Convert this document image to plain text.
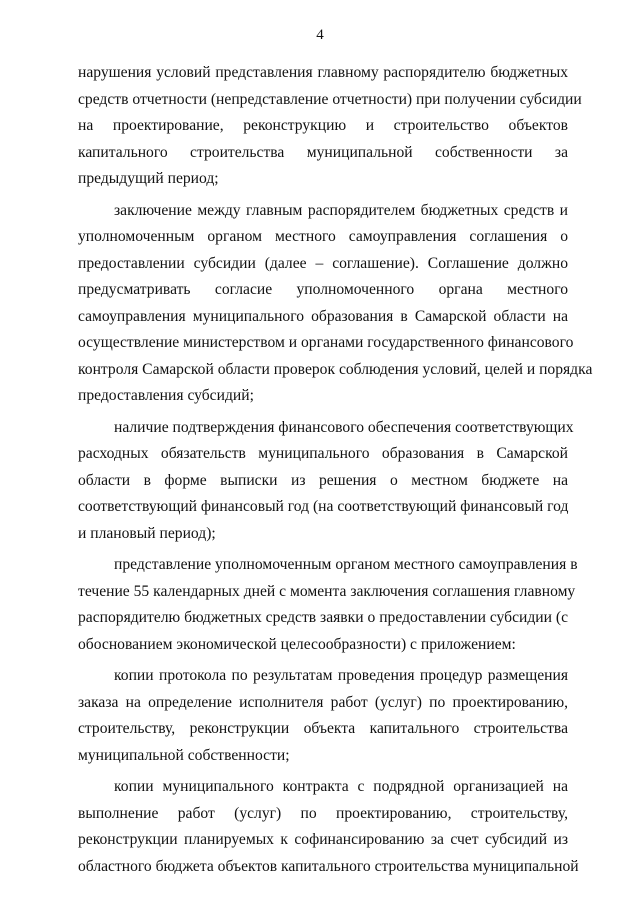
4
нарушения условий представления главному распорядителю бюджетных
средств отчетности (непредставление отчетности) при получении субсидии
на проектирование, реконструкцию и строительство объектов
капитального строительства муниципальной собственности за
предыдущий период;
заключение между главным распорядителем бюджетных средств и
уполномоченным органом местного самоуправления соглашения о
предоставлении субсидии (далее – соглашение). Соглашение должно
предусматривать согласие уполномоченного органа местного
самоуправления муниципального образования в Самарской области на
осуществление министерством и органами государственного финансового
контроля Самарской области проверок соблюдения условий, целей и порядка
предоставления субсидий;
наличие подтверждения финансового обеспечения соответствующих
расходных обязательств муниципального образования в Самарской
области в форме выписки из решения о местном бюджете на
соответствующий финансовый год (на соответствующий финансовый год
и плановый период);
представление уполномоченным органом местного самоуправления в
течение 55 календарных дней с момента заключения соглашения главному
распорядителю бюджетных средств заявки о предоставлении субсидии (с
обоснованием экономической целесообразности) с приложением:
копии протокола по результатам проведения процедур размещения
заказа на определение исполнителя работ (услуг) по проектированию,
строительству, реконструкции объекта капитального строительства
муниципальной собственности;
копии муниципального контракта с подрядной организацией на
выполнение работ (услуг) по проектированию, строительству,
реконструкции планируемых к софинансированию за счет субсидий из
областного бюджета объектов капитального строительства муниципальной
